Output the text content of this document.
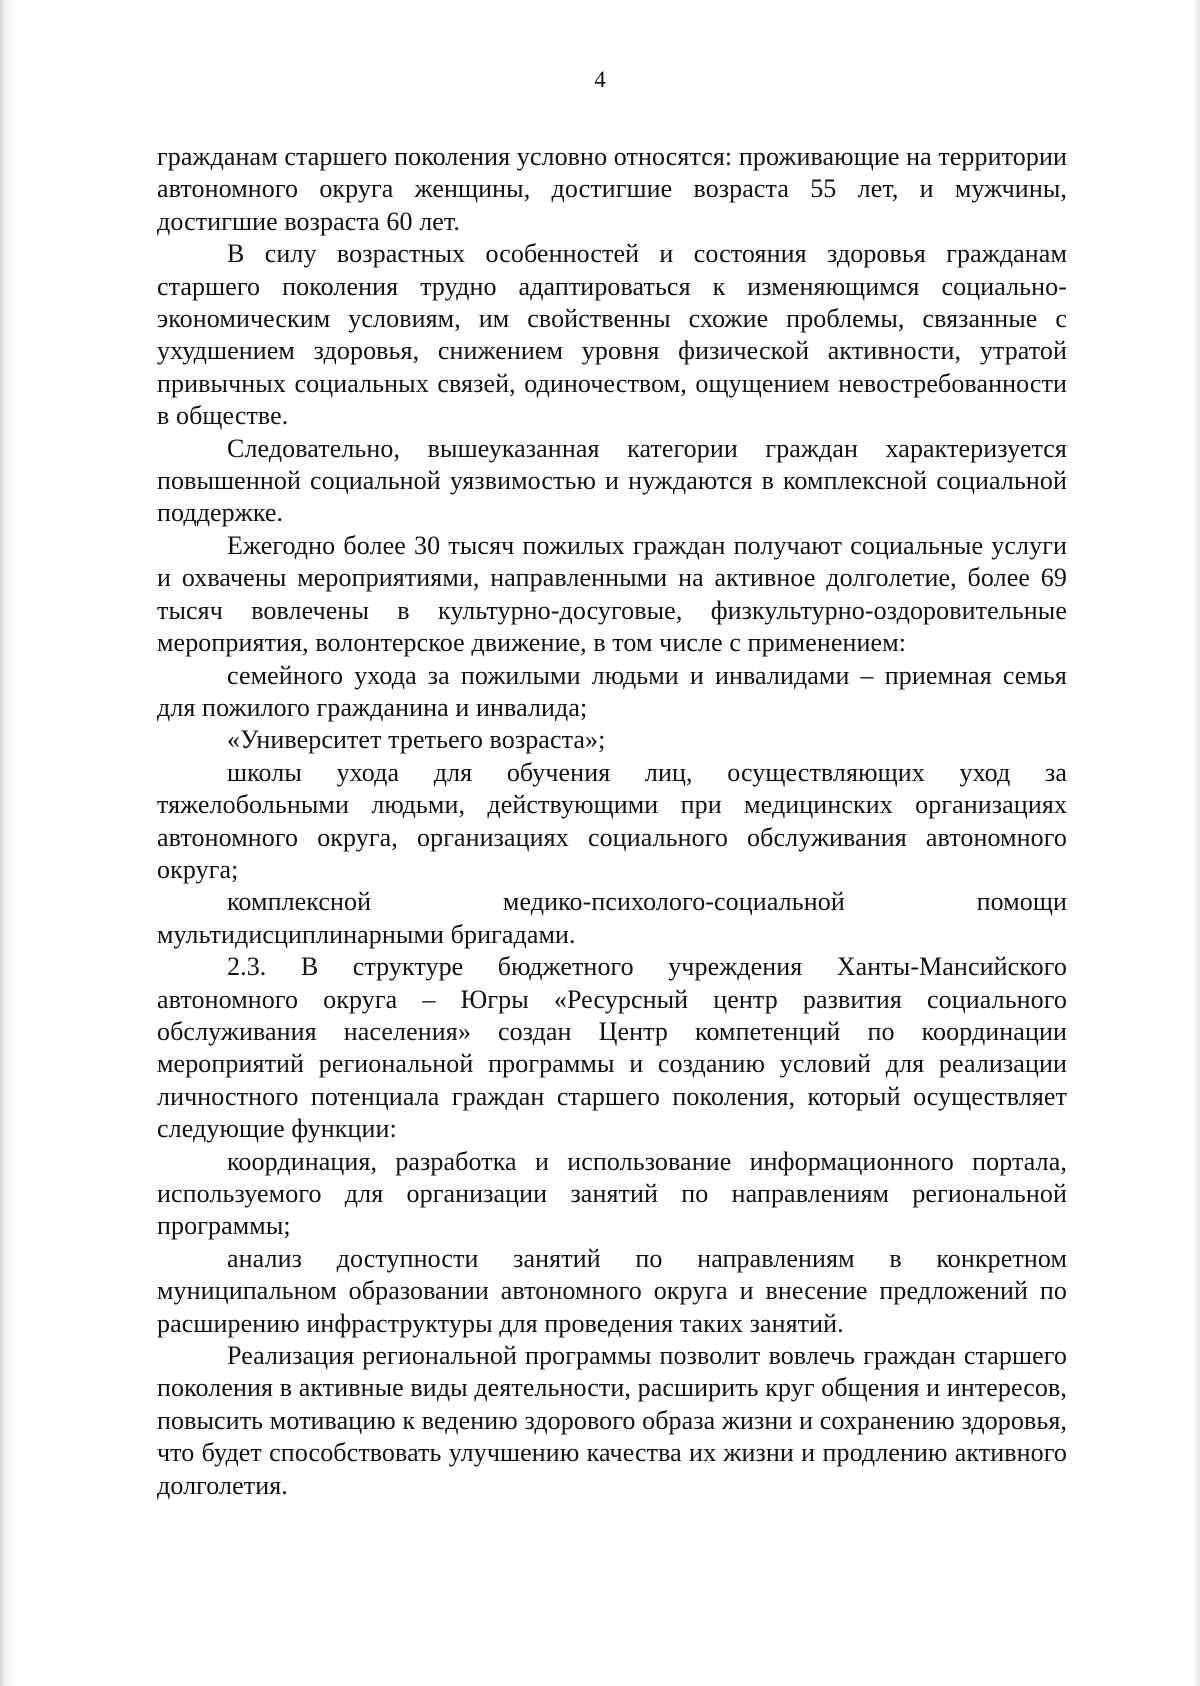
4

гражданам старшего поколения условно относятся: проживающие на территории автономного округа женщины, достигшие возраста 55 лет, и мужчины, достигшие возраста 60 лет.

В силу возрастных особенностей и состояния здоровья гражданам старшего поколения трудно адаптироваться к изменяющимся социально-экономическим условиям, им свойственны схожие проблемы, связанные с ухудшением здоровья, снижением уровня физической активности, утратой привычных социальных связей, одиночеством, ощущением невостребованности в обществе.

Следовательно, вышеуказанная категории граждан характеризуется повышенной социальной уязвимостью и нуждаются в комплексной социальной поддержке.

Ежегодно более 30 тысяч пожилых граждан получают социальные услуги и охвачены мероприятиями, направленными на активное долголетие, более 69 тысяч вовлечены в культурно-досуговые, физкультурно-оздоровительные мероприятия, волонтерское движение, в том числе с применением:

семейного ухода за пожилыми людьми и инвалидами – приемная семья для пожилого гражданина и инвалида;

«Университет третьего возраста»;

школы ухода для обучения лиц, осуществляющих уход за тяжелобольными людьми, действующими при медицинских организациях автономного округа, организациях социального обслуживания автономного округа;

комплексной медико-психолого-социальной помощи мультидисциплинарными бригадами.

2.3. В структуре бюджетного учреждения Ханты-Мансийского автономного округа – Югры «Ресурсный центр развития социального обслуживания населения» создан Центр компетенций по координации мероприятий региональной программы и созданию условий для реализации личностного потенциала граждан старшего поколения, который осуществляет следующие функции:

координация, разработка и использование информационного портала, используемого для организации занятий по направлениям региональной программы;

анализ доступности занятий по направлениям в конкретном муниципальном образовании автономного округа и внесение предложений по расширению инфраструктуры для проведения таких занятий.

Реализация региональной программы позволит вовлечь граждан старшего поколения в активные виды деятельности, расширить круг общения и интересов, повысить мотивацию к ведению здорового образа жизни и сохранению здоровья, что будет способствовать улучшению качества их жизни и продлению активного долголетия.
